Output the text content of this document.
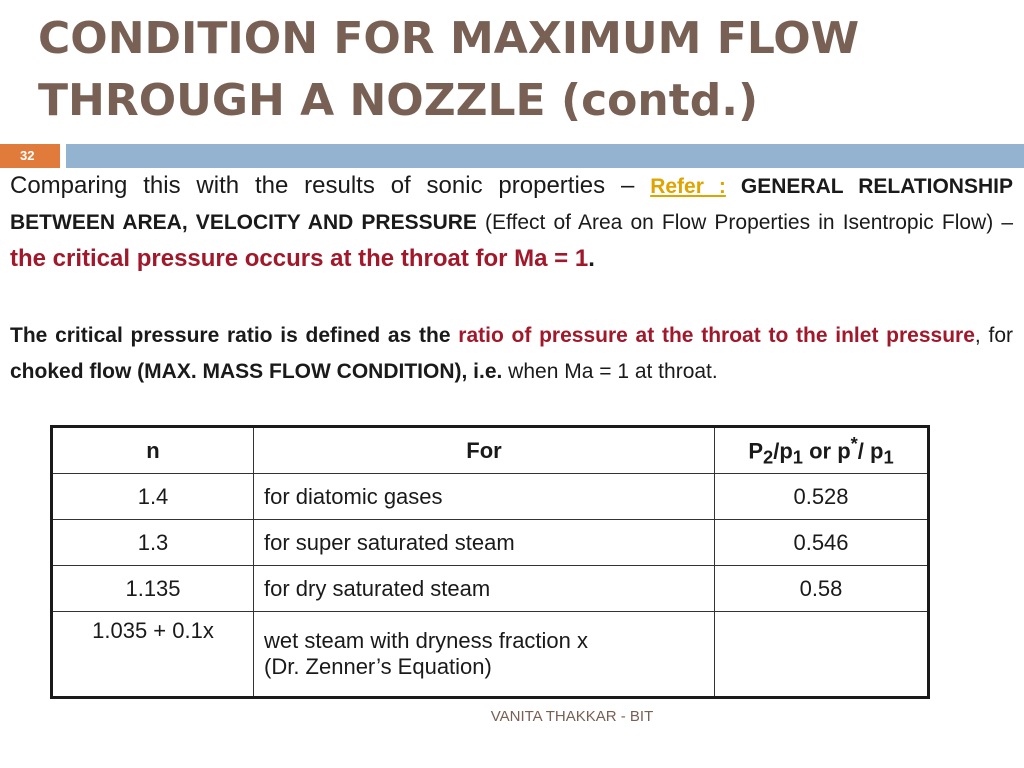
CONDITION FOR MAXIMUM FLOW
THROUGH A NOZZLE (contd.)
32

Comparing this with the results of sonic properties – Refer : GENERAL RELATIONSHIP BETWEEN AREA, VELOCITY AND PRESSURE (Effect of Area on Flow Properties in Isentropic Flow) – the critical pressure occurs at the throat for Ma = 1.

The critical pressure ratio is defined as the ratio of pressure at the throat to the inlet pressure, for choked flow (MAX. MASS FLOW CONDITION), i.e. when Ma = 1 at throat.

n	For	$P_2/p_1$ or p*/ $p_1$
1.4	for diatomic gases	0.528
1.3	for super saturated steam	0.546
1.135	for dry saturated steam	0.58
1.035 + 0.1x	wet steam with dryness fraction x
(Dr. Zenner’s Equation)	
VANITA THAKKAR - BIT
